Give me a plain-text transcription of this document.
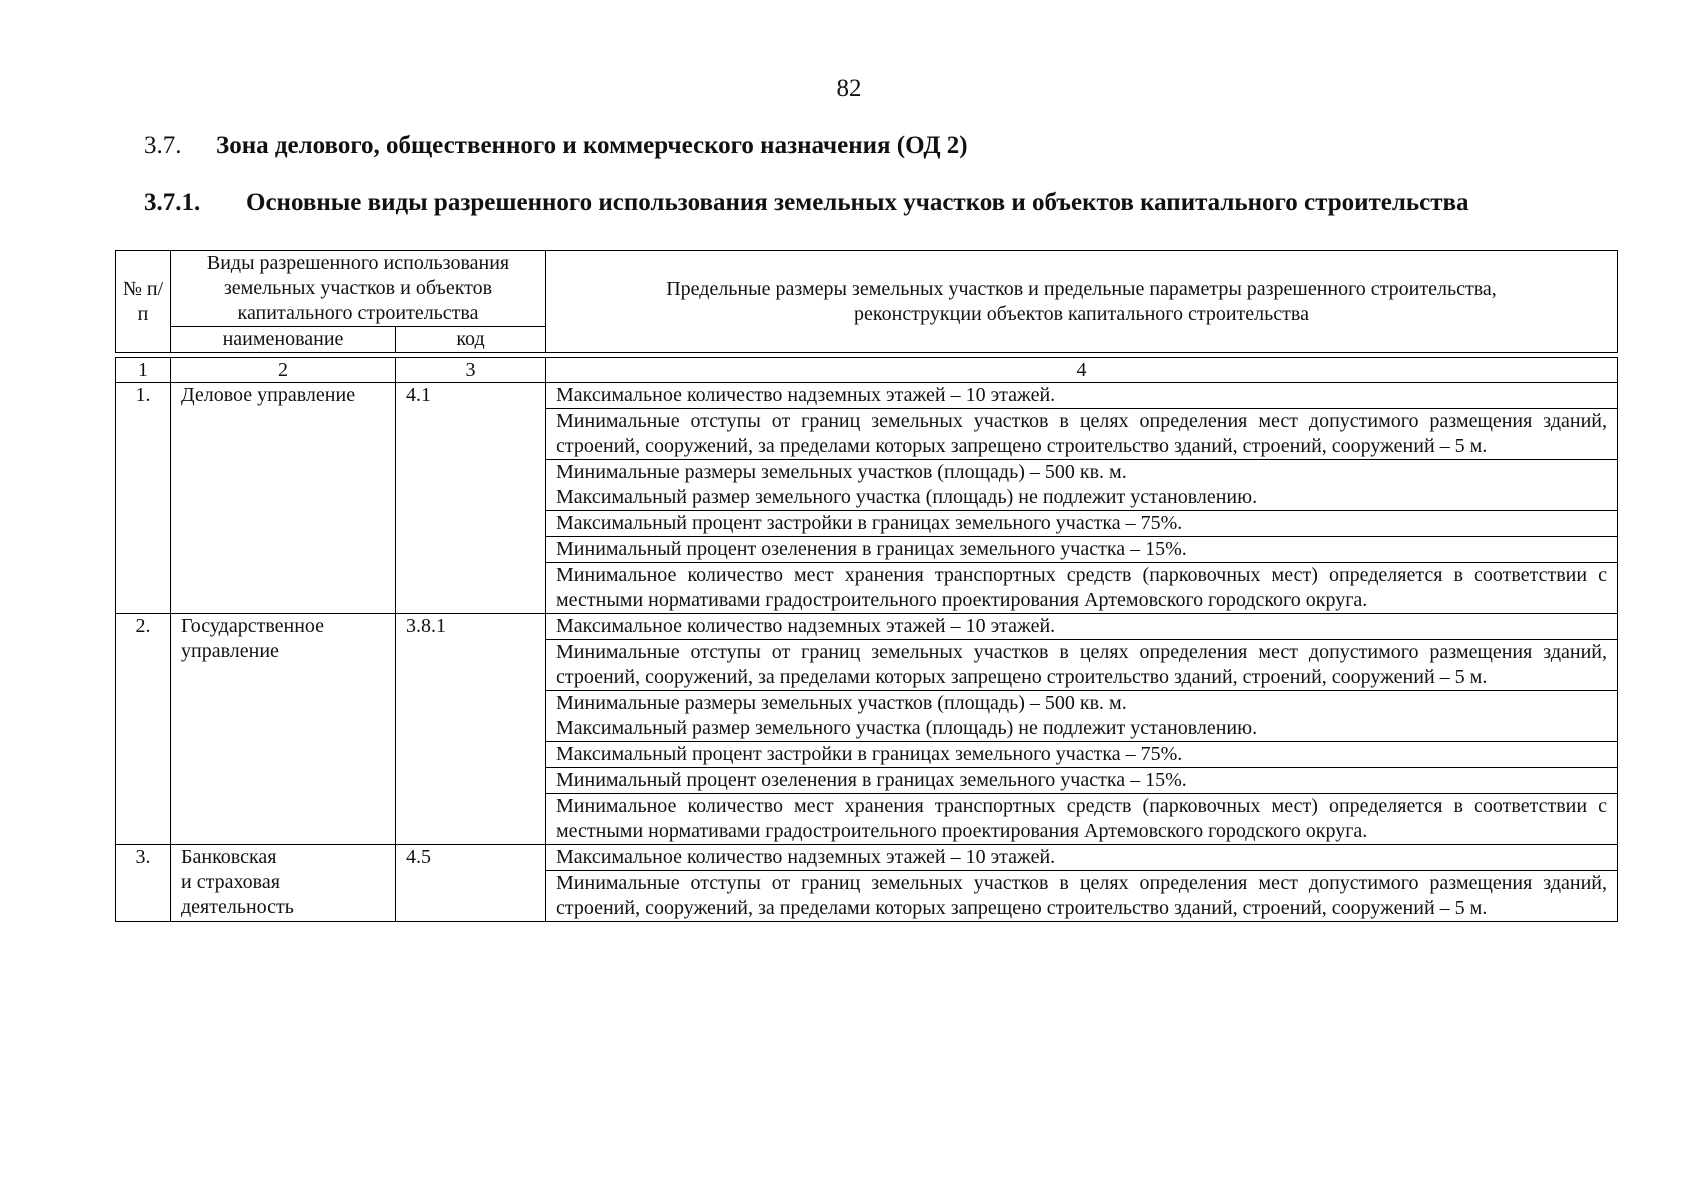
82
3.7. Зона делового, общественного и коммерческого назначения (ОД 2)
3.7.1. Основные виды разрешенного использования земельных участков и объектов капитального строительства
№ п/п	Виды разрешенного использования земельных участков и объектов капитального строительства		Предельные размеры земельных участков и предельные параметры разрешенного строительства, реконструкции объектов капитального строительства
	наименование	код	

1	2	3	4
1.	Деловое управление	4.1	Максимальное количество надземных этажей – 10 этажей.
			Минимальные отступы от границ земельных участков в целях определения мест допустимого размещения зданий, строений, сооружений, за пределами которых запрещено строительство зданий, строений, сооружений – 5 м.

			Минимальные размеры земельных участков (площадь) – 500 кв. м.
Максимальный размер земельного участка (площадь) не подлежит установлению.

			Максимальный процент застройки в границах земельного участка – 75%.
			Минимальный процент озеленения в границах земельного участка – 15%.
			Минимальное количество мест хранения транспортных средств (парковочных мест) определяется в соответствии с местными нормативами градостроительного проектирования Артемовского городского округа.
2.	Государственное управление	3.8.1	Максимальное количество надземных этажей – 10 этажей.
			Минимальные отступы от границ земельных участков в целях определения мест допустимого размещения зданий, строений, сооружений, за пределами которых запрещено строительство зданий, строений, сооружений – 5 м.

			Минимальные размеры земельных участков (площадь) – 500 кв. м.
Максимальный размер земельного участка (площадь) не подлежит установлению.

			Максимальный процент застройки в границах земельного участка – 75%.
			Минимальный процент озеленения в границах земельного участка – 15%.
			Минимальное количество мест хранения транспортных средств (парковочных мест) определяется в соответствии с местными нормативами градостроительного проектирования Артемовского городского округа.
3.	Банковская
и страховая
деятельность	4.5	Максимальное количество надземных этажей – 10 этажей.
			Минимальные отступы от границ земельных участков в целях определения мест допустимого размещения зданий, строений, сооружений, за пределами которых запрещено строительство зданий, строений, сооружений – 5 м.
